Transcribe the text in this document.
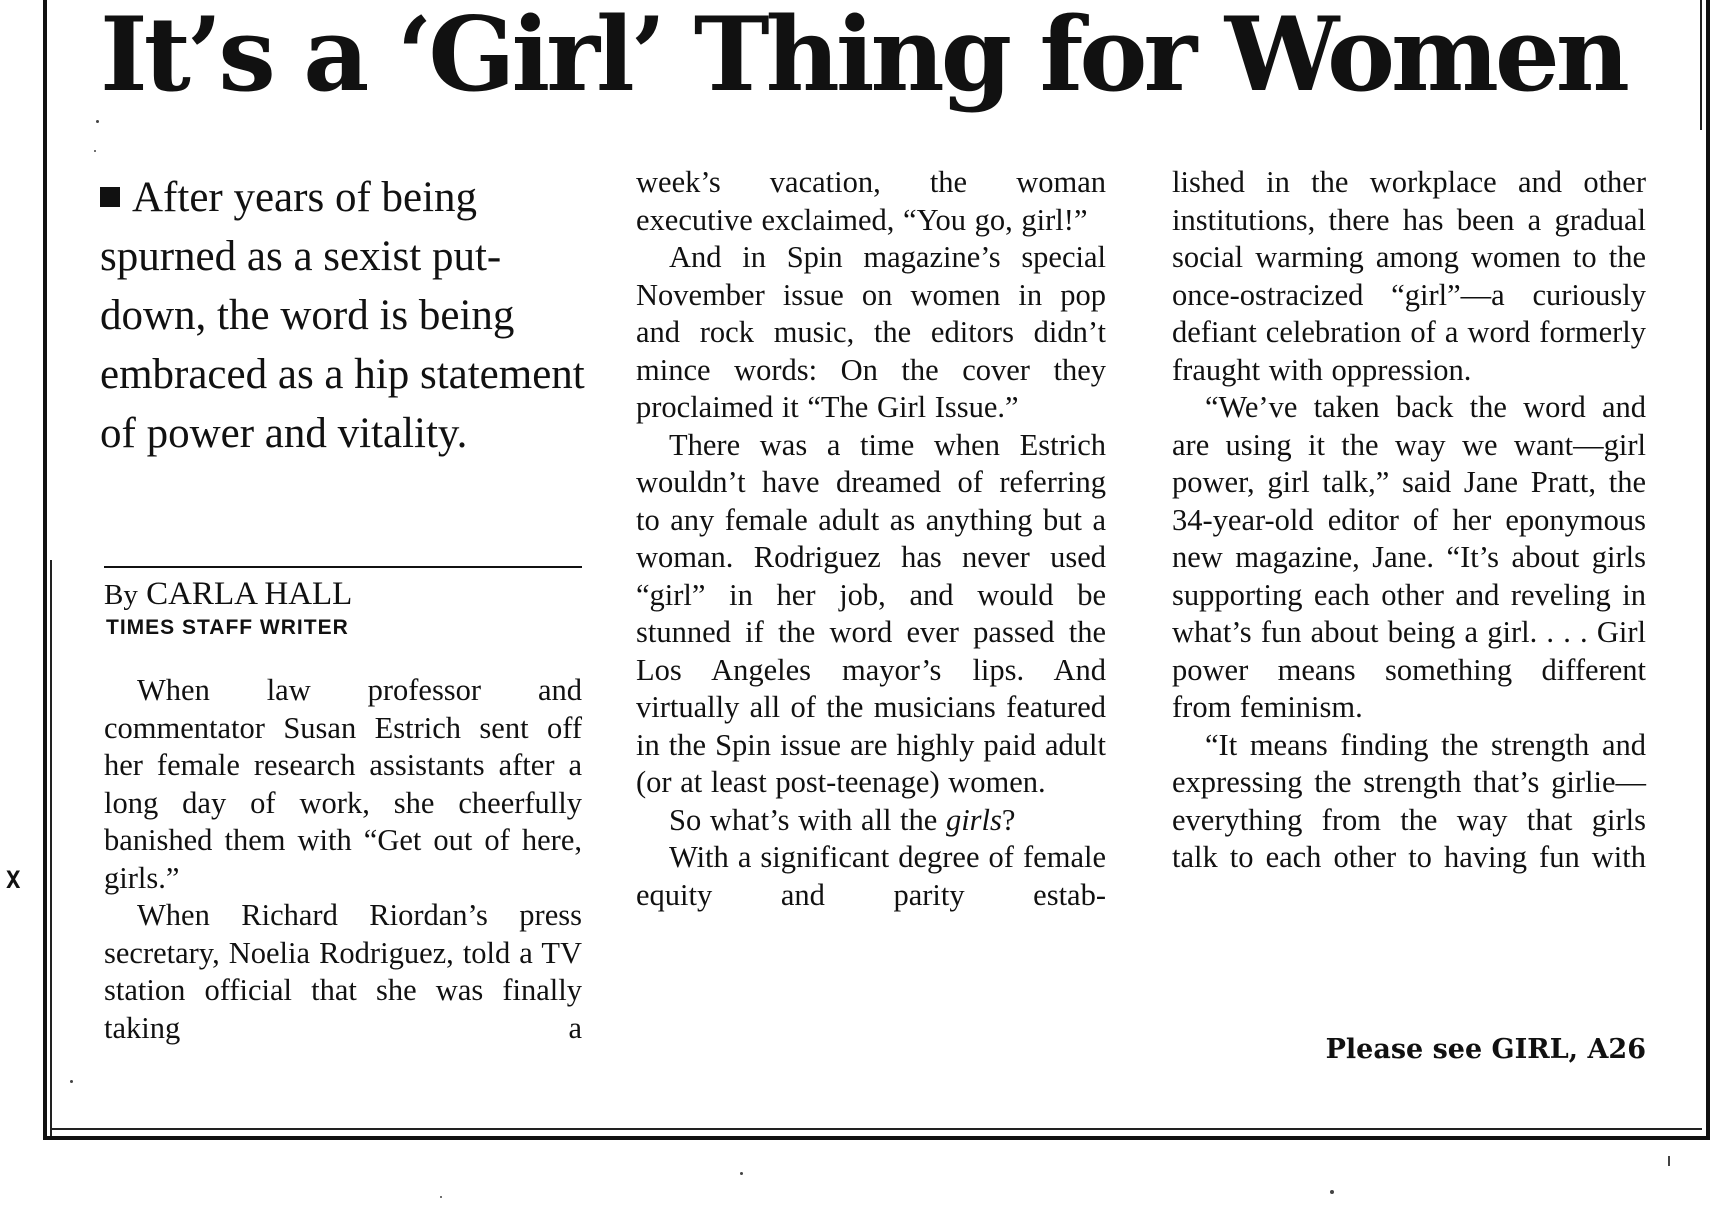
X
It’s a ‘Girl’ Thing for Women

After years of being spurned as a sexist put-down, the word is being embraced as a hip statement of power and vitality.

By CARLA HALL
TIMES STAFF WRITER

When law professor and commentator Susan Estrich sent off her female research assistants after a long day of work, she cheerfully banished them with “Get out of here, girls.”

When Richard Riordan’s press secretary, Noelia Rodriguez, told a TV station official that she was finally taking a

week’s vacation, the woman executive exclaimed, “You go, girl!”

And in Spin magazine’s special November issue on women in pop and rock music, the editors didn’t mince words: On the cover they proclaimed it “The Girl Issue.”

There was a time when Estrich wouldn’t have dreamed of referring to any female adult as anything but a woman. Rodriguez has never used “girl” in her job, and would be stunned if the word ever passed the Los Angeles mayor’s lips. And virtually all of the musicians featured in the Spin issue are highly paid adult (or at least post-teenage) women.

So what’s with all the girls?

With a significant degree of female equity and parity estab-

lished in the workplace and other institutions, there has been a gradual social warming among women to the once-ostracized “girl”—a curiously defiant celebration of a word formerly fraught with oppression.

“We’ve taken back the word and are using it the way we want—girl power, girl talk,” said Jane Pratt, the 34-year-old editor of her eponymous new magazine, Jane. “It’s about girls supporting each other and reveling in what’s fun about being a girl. . . . Girl power means something different from feminism.

“It means finding the strength and expressing the strength that’s girlie—everything from the way that girls talk to each other to having fun with

Please see GIRL, A26
